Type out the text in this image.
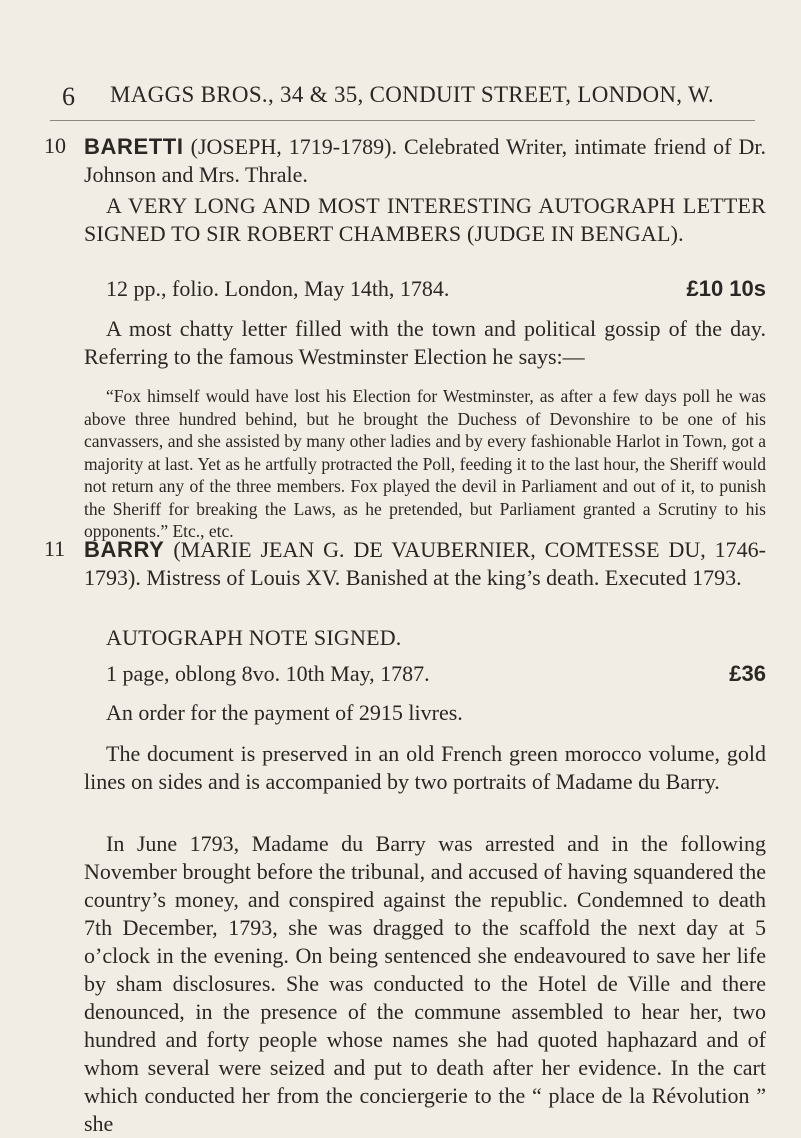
6 MAGGS BROS., 34 & 35, CONDUIT STREET, LONDON, W.
10 BARETTI (JOSEPH, 1719-1789). Celebrated Writer, intimate friend of Dr. Johnson and Mrs. Thrale.
A VERY LONG AND MOST INTERESTING AUTOGRAPH LETTER SIGNED TO SIR ROBERT CHAMBERS (JUDGE IN BENGAL).
12 pp., folio. London, May 14th, 1784.	£10 10s
A most chatty letter filled with the town and political gossip of the day. Referring to the famous Westminster Election he says:—
“Fox himself would have lost his Election for Westminster, as after a few days poll he was above three hundred behind, but he brought the Duchess of Devonshire to be one of his canvassers, and she assisted by many other ladies and by every fashionable Harlot in Town, got a majority at last. Yet as he artfully protracted the Poll, feeding it to the last hour, the Sheriff would not return any of the three members. Fox played the devil in Parliament and out of it, to punish the Sheriff for breaking the Laws, as he pretended, but Parliament granted a Scrutiny to his opponents.” Etc., etc.
11 BARRY (MARIE JEAN G. DE VAUBERNIER, COMTESSE DU, 1746-1793). Mistress of Louis XV. Banished at the king’s death. Executed 1793.
AUTOGRAPH NOTE SIGNED.
1 page, oblong 8vo. 10th May, 1787.	£36
An order for the payment of 2915 livres.
The document is preserved in an old French green morocco volume, gold lines on sides and is accompanied by two portraits of Madame du Barry.
In June 1793, Madame du Barry was arrested and in the following November brought before the tribunal, and accused of having squandered the country’s money, and conspired against the republic. Condemned to death 7th December, 1793, she was dragged to the scaffold the next day at 5 o’clock in the evening. On being sentenced she endeavoured to save her life by sham disclosures. She was conducted to the Hotel de Ville and there denounced, in the presence of the commune assembled to hear her, two hundred and forty people whose names she had quoted haphazard and of whom several were seized and put to death after her evidence. In the cart which conducted her from the conciergerie to the “ place de la Révolution ” she
